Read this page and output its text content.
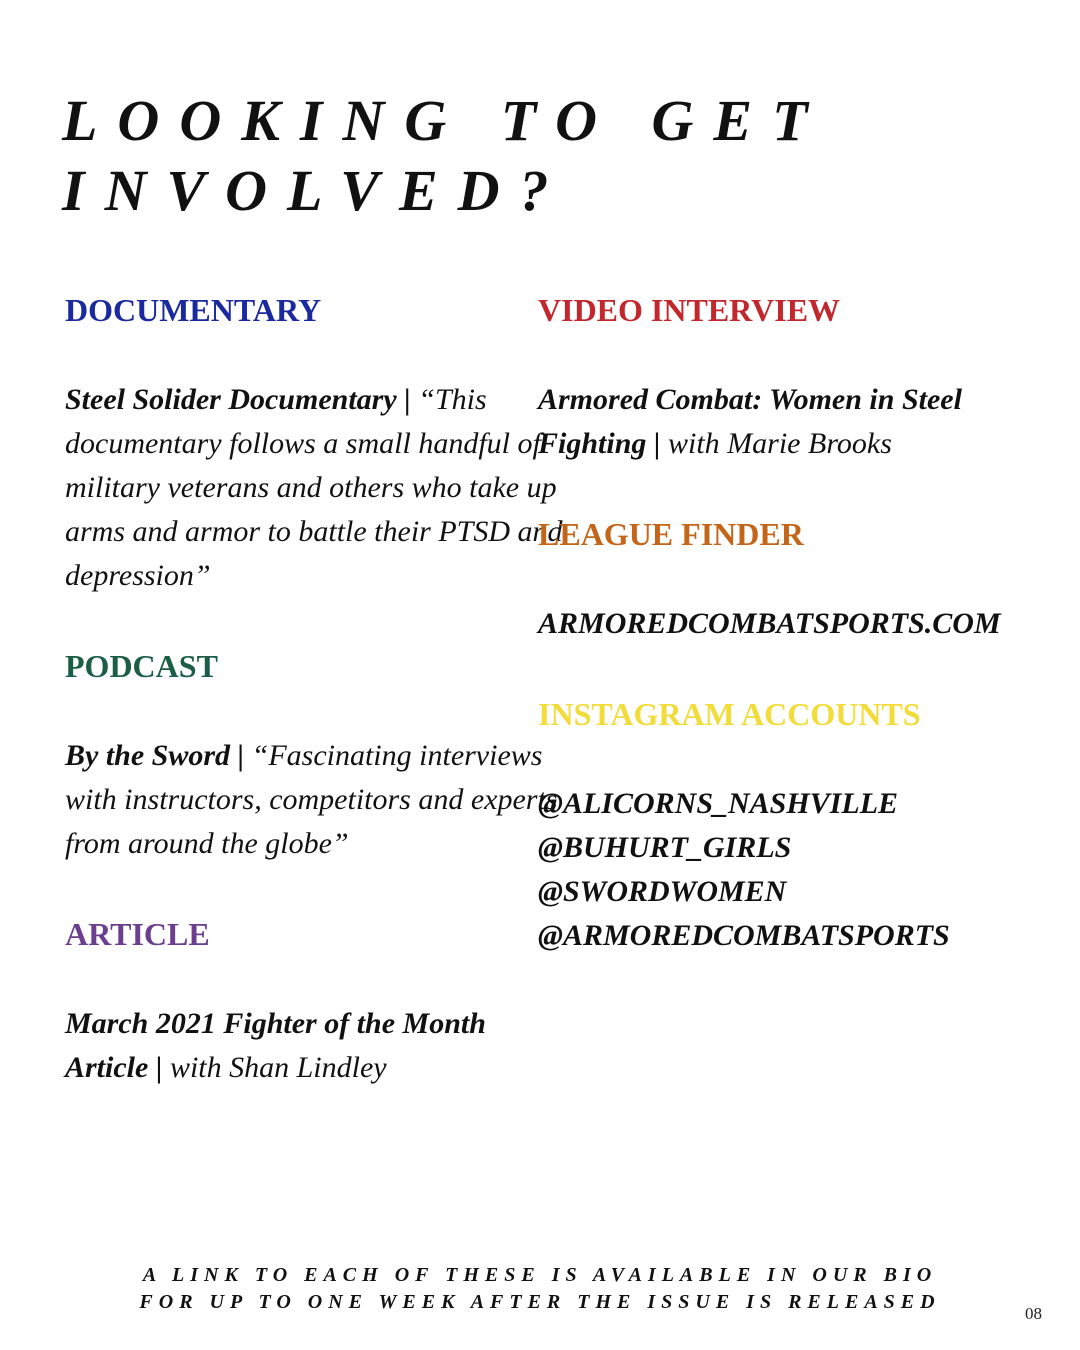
LOOKING TO GET
INVOLVED?
DOCUMENTARY

Steel Solider Documentary | “This documentary follows a small handful of military veterans and others who take up arms and armor to battle their PTSD and depression”

PODCAST

By the Sword | “Fascinating interviews with instructors, competitors and experts from around the globe”

ARTICLE

March 2021 Fighter of the Month Article | with Shan Lindley

VIDEO INTERVIEW

Armored Combat: Women in Steel Fighting | with Marie Brooks

LEAGUE FINDER

ARMOREDCOMBATSPORTS.COM

INSTAGRAM ACCOUNTS

@ALICORNS_NASHVILLE
@BUHURT_GIRLS
@SWORDWOMEN
@ARMOREDCOMBATSPORTS

A LINK TO EACH OF THESE IS AVAILABLE IN OUR BIO
FOR UP TO ONE WEEK AFTER THE ISSUE IS RELEASED
08
